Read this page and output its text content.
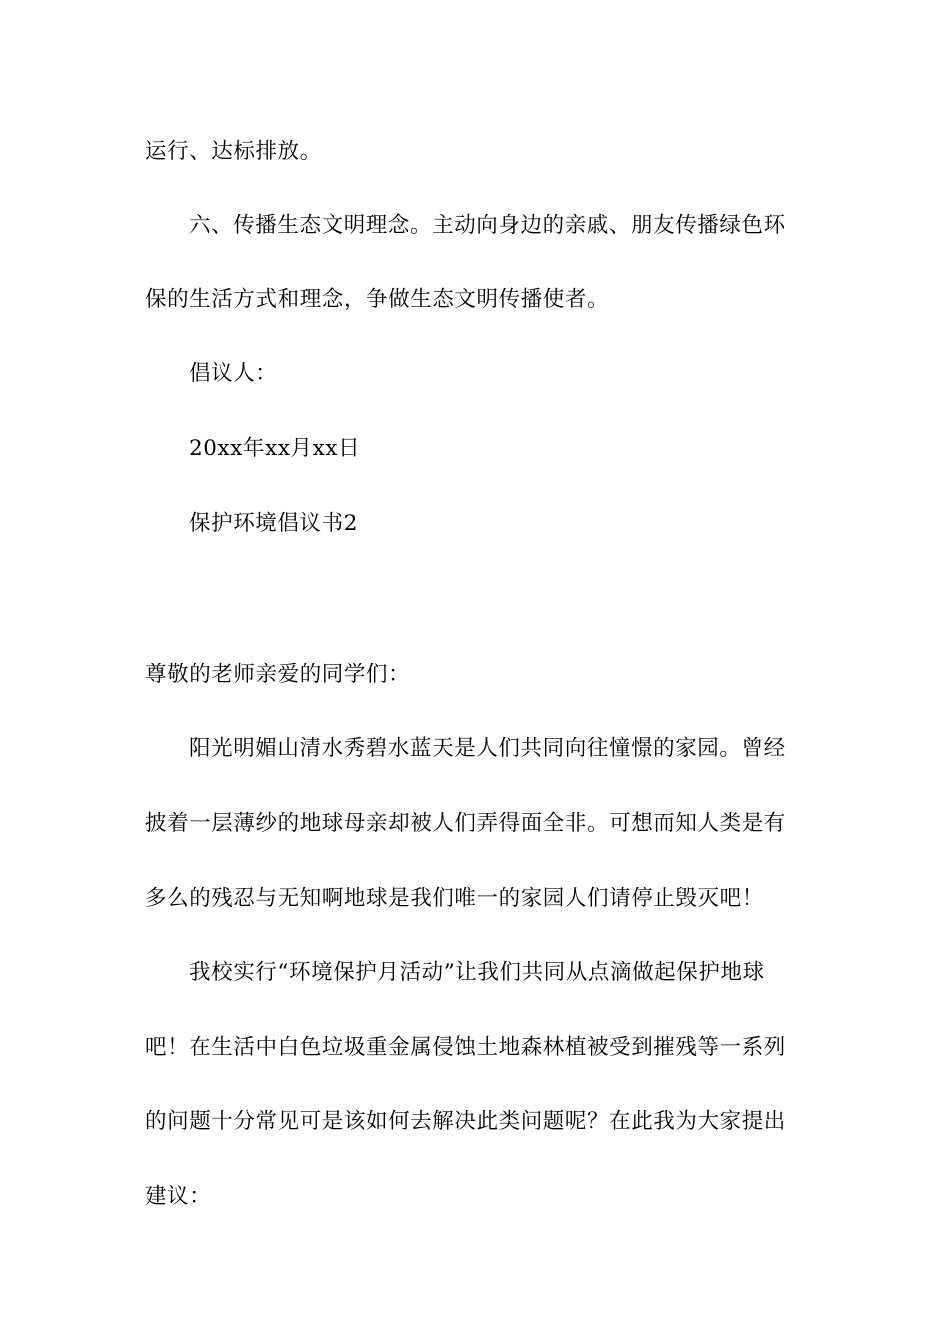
运行、达标排放。
六、传播生态文明理念。主动向身边的亲戚、朋友传播绿色环
保的生活方式和理念，争做生态文明传播使者。
倡议人：
20xx年xx月xx日
保护环境倡议书2
尊敬的老师亲爱的同学们：
阳光明媚山清水秀碧水蓝天是人们共同向往憧憬的家园。曾经
披着一层薄纱的地球母亲却被人们弄得面全非。可想而知人类是有
多么的残忍与无知啊地球是我们唯一的家园人们请停止毁灭吧！
我校实行“环境保护月活动”让我们共同从点滴做起保护地球
吧！在生活中白色垃圾重金属侵蚀土地森林植被受到摧残等一系列
的问题十分常见可是该如何去解决此类问题呢？在此我为大家提出
建议：
